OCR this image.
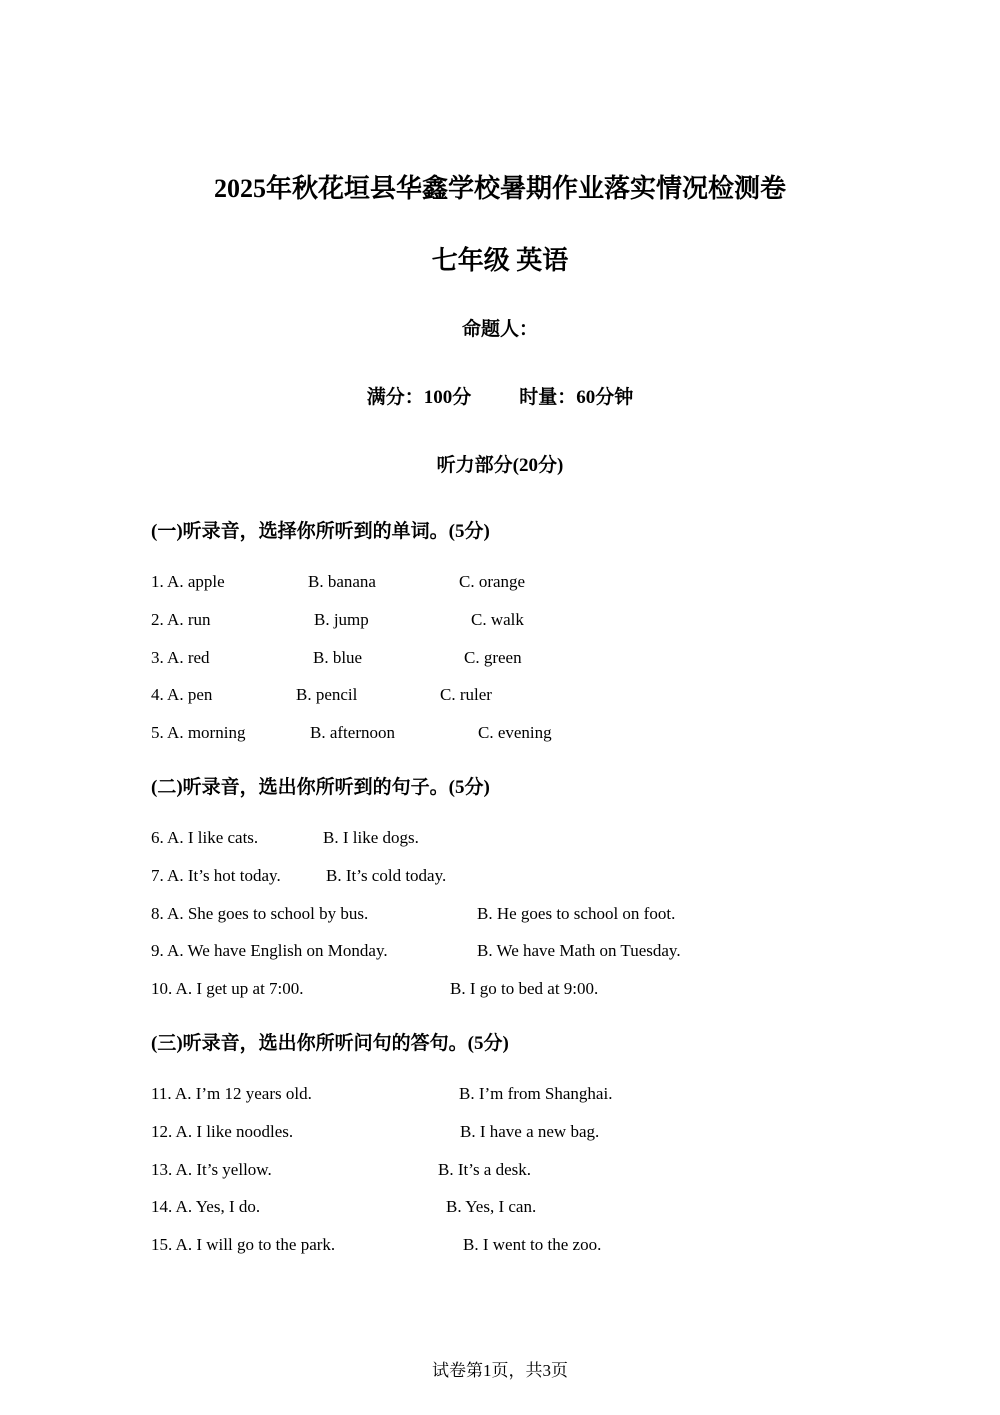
2025年秋花垣县华鑫学校暑期作业落实情况检测卷
七年级 英语
命题人：
满分：100分	时量：60分钟
听力部分(20分)
(一)听录音，选择你所听到的单词。(5分)
1. A. apple	B. banana	C. orange
2. A. run	B. jump	C. walk
3. A. red	B. blue	C. green
4. A. pen	B. pencil	C. ruler
5. A. morning	B. afternoon	C. evening
(二)听录音，选出你所听到的句子。(5分)
6. A. I like cats.	B. I like dogs.
7. A. It’s hot today.	B. It’s cold today.
8. A. She goes to school by bus.	B. He goes to school on foot.
9. A. We have English on Monday.	B. We have Math on Tuesday.
10. A. I get up at 7:00.	B. I go to bed at 9:00.
(三)听录音，选出你所听问句的答句。(5分)
11. A. I’m 12 years old.	B. I’m from Shanghai.
12. A. I like noodles.	B. I have a new bag.
13. A. It’s yellow.	B. It’s a desk.
14. A. Yes, I do.	B. Yes, I can.
15. A. I will go to the park.	B. I went to the zoo.
试卷第1页，共3页
